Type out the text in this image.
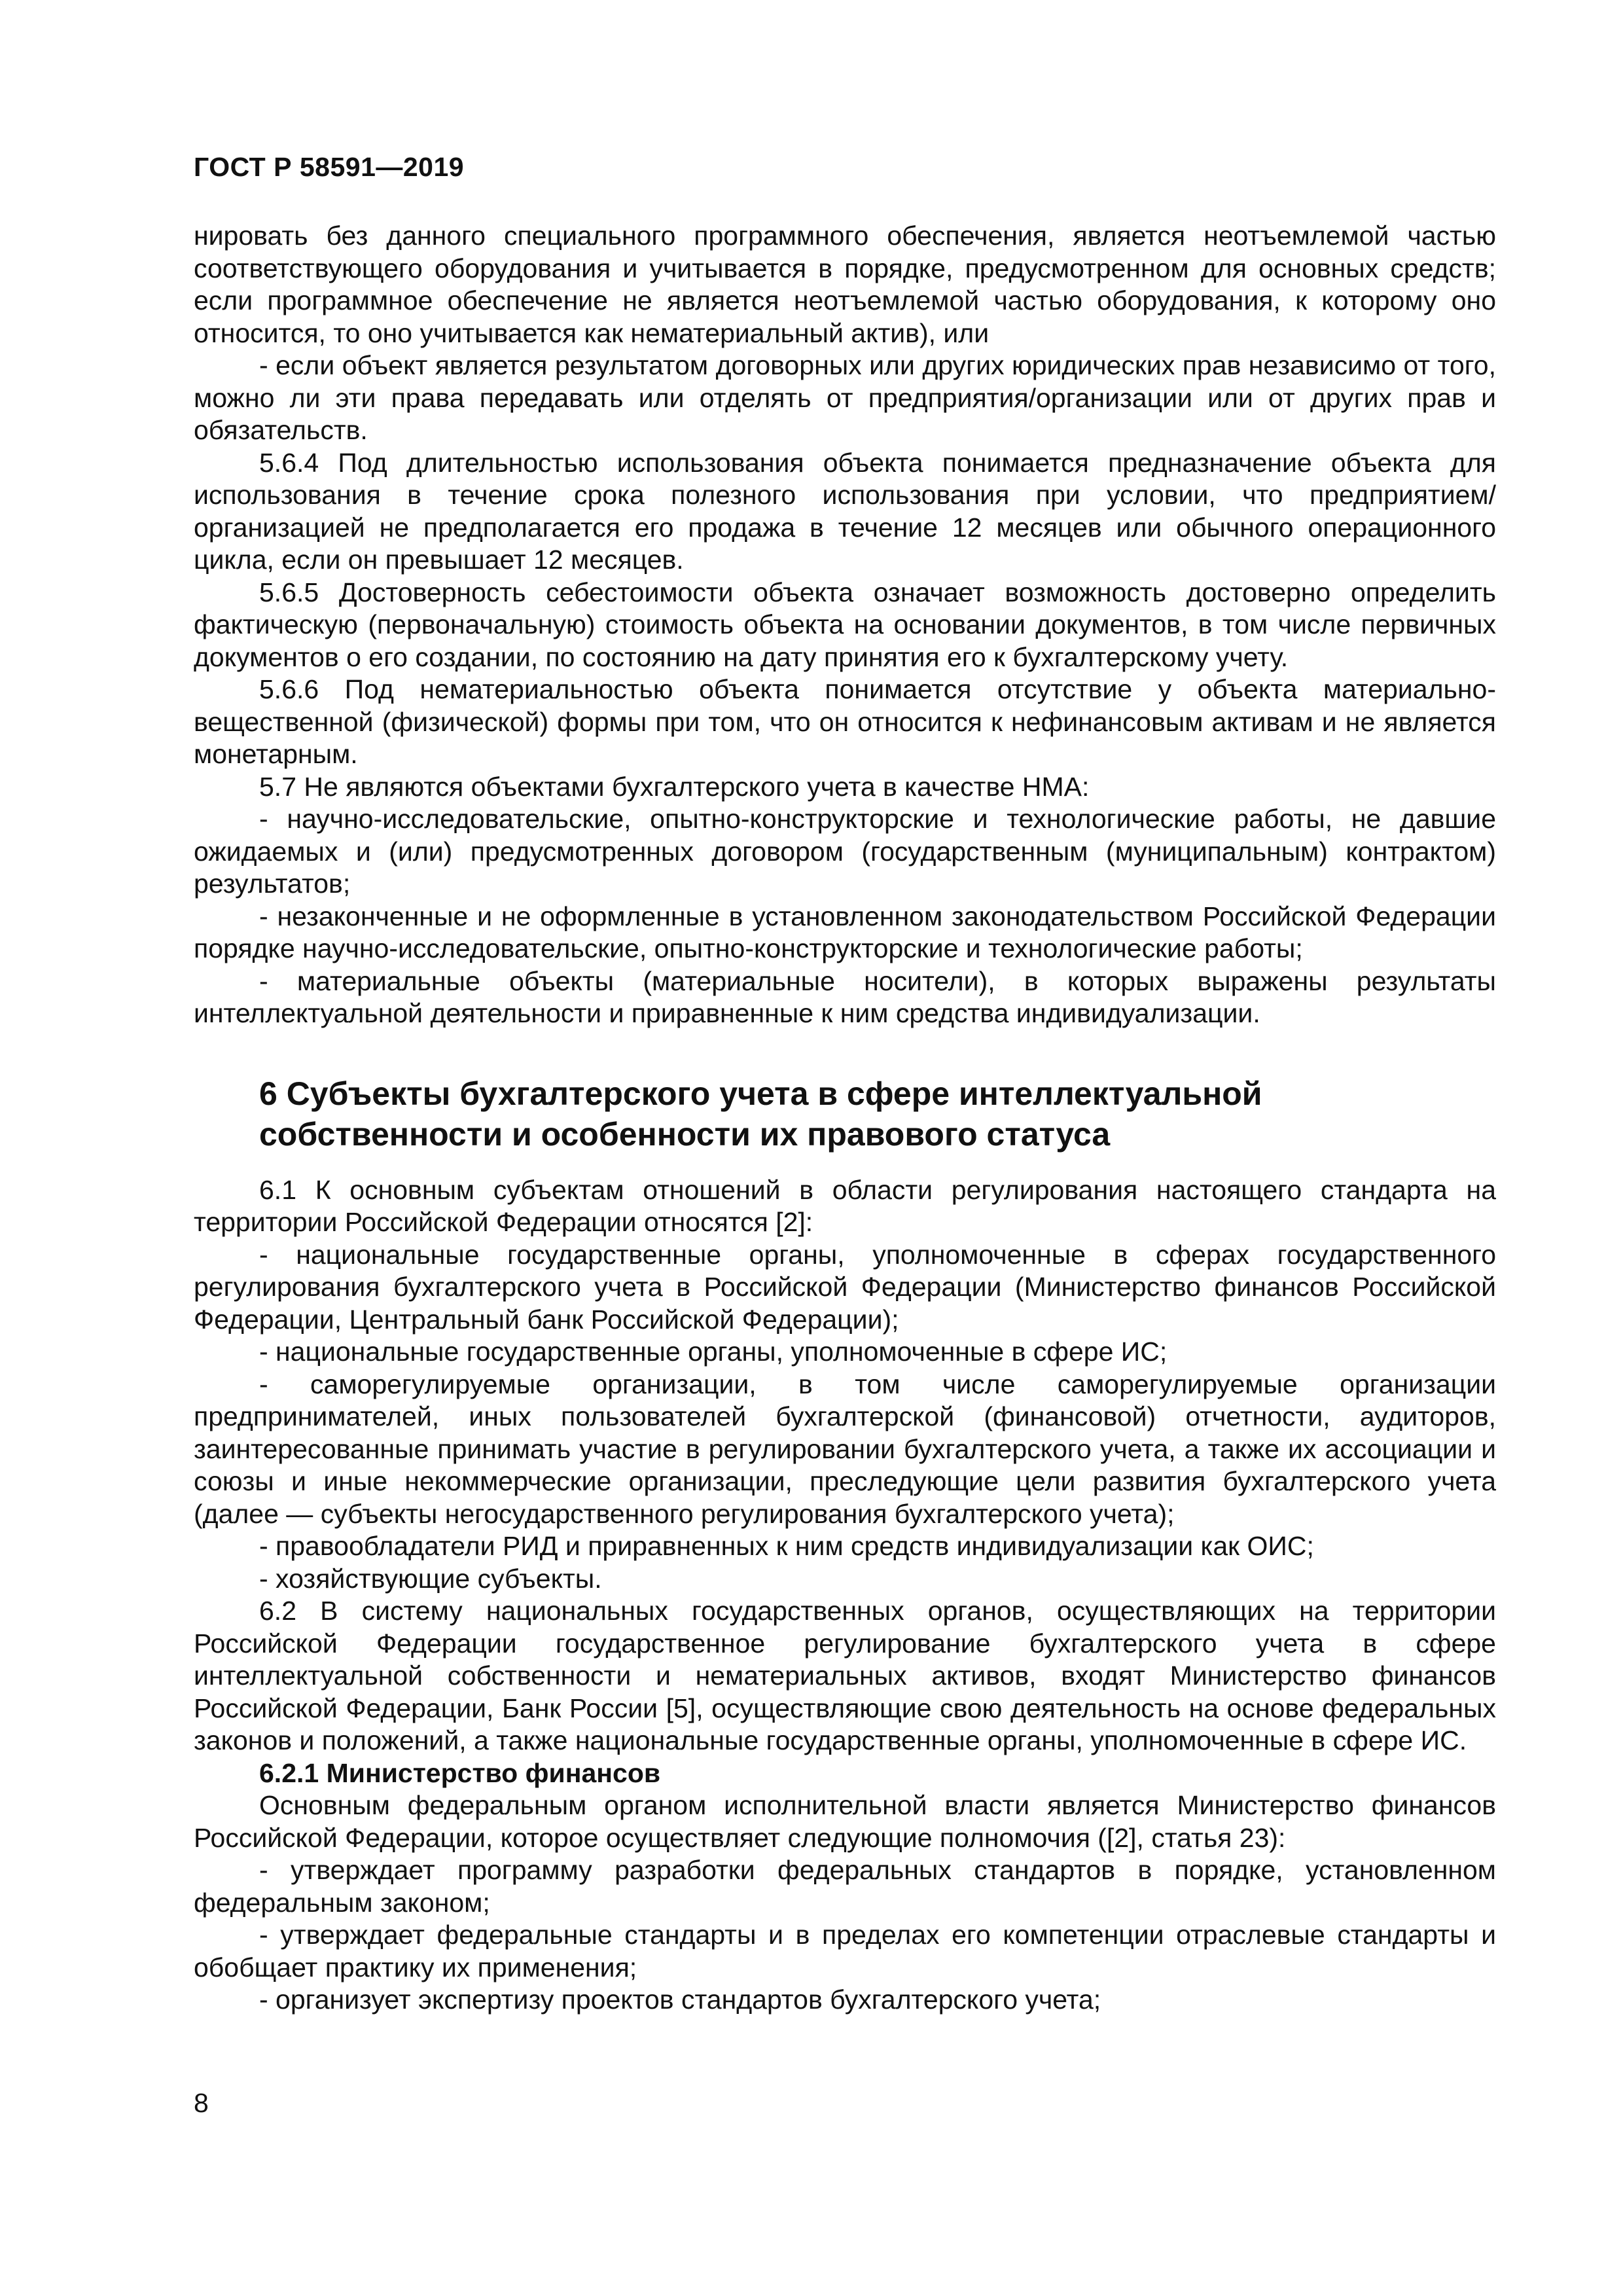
ГОСТ Р 58591—2019

нировать без данного специального программного обеспечения, является неотъемлемой частью соответствующего оборудования и учитывается в порядке, предусмотренном для основных средств; если программное обеспечение не является неотъемлемой частью оборудования, к которому оно относится, то оно учитывается как нематериальный актив), или

- если объект является результатом договорных или других юридических прав независимо от того, можно ли эти права передавать или отделять от предприятия/организации или от других прав и обязательств.

5.6.4 Под длительностью использования объекта понимается предназначение объекта для использования в течение срока полезного использования при условии, что предприятием/организацией не предполагается его продажа в течение 12 месяцев или обычного операционного цикла, если он превышает 12 месяцев.

5.6.5 Достоверность себестоимости объекта означает возможность достоверно определить фактическую (первоначальную) стоимость объекта на основании документов, в том числе первичных документов о его создании, по состоянию на дату принятия его к бухгалтерскому учету.

5.6.6 Под нематериальностью объекта понимается отсутствие у объекта материально-вещественной (физической) формы при том, что он относится к нефинансовым активам и не является монетарным.

5.7 Не являются объектами бухгалтерского учета в качестве НМА:

- научно-исследовательские, опытно-конструкторские и технологические работы, не давшие ожидаемых и (или) предусмотренных договором (государственным (муниципальным) контрактом) результатов;

- незаконченные и не оформленные в установленном законодательством Российской Федерации порядке научно-исследовательские, опытно-конструкторские и технологические работы;

- материальные объекты (материальные носители), в которых выражены результаты интеллектуальной деятельности и приравненные к ним средства индивидуализации.

6 Субъекты бухгалтерского учета в сфере интеллектуальной
собственности и особенности их правового статуса

6.1 К основным субъектам отношений в области регулирования настоящего стандарта на территории Российской Федерации относятся [2]:

- национальные государственные органы, уполномоченные в сферах государственного регулирования бухгалтерского учета в Российской Федерации (Министерство финансов Российской Федерации, Центральный банк Российской Федерации);

- национальные государственные органы, уполномоченные в сфере ИС;

- саморегулируемые организации, в том числе саморегулируемые организации предпринимателей, иных пользователей бухгалтерской (финансовой) отчетности, аудиторов, заинтересованные принимать участие в регулировании бухгалтерского учета, а также их ассоциации и союзы и иные некоммерческие организации, преследующие цели развития бухгалтерского учета (далее — субъекты негосударственного регулирования бухгалтерского учета);

- правообладатели РИД и приравненных к ним средств индивидуализации как ОИС;

- хозяйствующие субъекты.

6.2 В систему национальных государственных органов, осуществляющих на территории Российской Федерации государственное регулирование бухгалтерского учета в сфере интеллектуальной собственности и нематериальных активов, входят Министерство финансов Российской Федерации, Банк России [5], осуществляющие свою деятельность на основе федеральных законов и положений, а также национальные государственные органы, уполномоченные в сфере ИС.

6.2.1 Министерство финансов

Основным федеральным органом исполнительной власти является Министерство финансов Российской Федерации, которое осуществляет следующие полномочия ([2], статья 23):

- утверждает программу разработки федеральных стандартов в порядке, установленном федеральным законом;

- утверждает федеральные стандарты и в пределах его компетенции отраслевые стандарты и обобщает практику их применения;

- организует экспертизу проектов стандартов бухгалтерского учета;

8
